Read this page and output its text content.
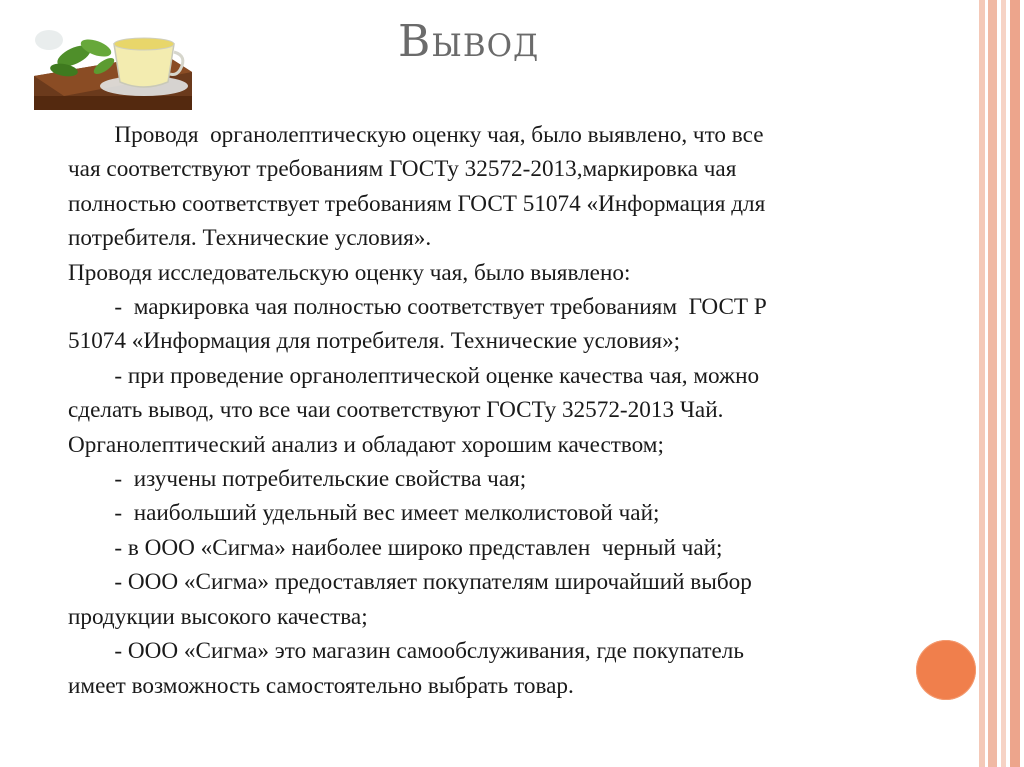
Вывод

Проводя  органолептическую оценку чая, было выявлено, что все

чая соответствуют требованиям ГОСТу 32572-2013,маркировка чая

полностью соответствует требованиям ГОСТ 51074 «Информация для

потребителя. Технические условия».

Проводя исследовательскую оценку чая, было выявлено:

-  маркировка чая полностью соответствует требованиям  ГОСТ Р

51074 «Информация для потребителя. Технические условия»;

- при проведение органолептической оценке качества чая, можно

сделать вывод, что все чаи соответствуют ГОСТу 32572-2013 Чай.

Органолептический анализ и обладают хорошим качеством;

-  изучены потребительские свойства чая;

-  наибольший удельный вес имеет мелколистовой чай;

- в ООО «Сигма» наиболее широко представлен  черный чай;

- ООО «Сигма» предоставляет покупателям широчайший выбор

продукции высокого качества;

- ООО «Сигма» это магазин самообслуживания, где покупатель

имеет возможность самостоятельно выбрать товар.
